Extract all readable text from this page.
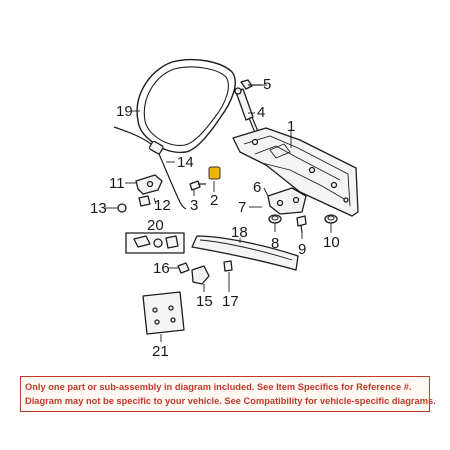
19
5
4
1
14
2
11	6
12
13	3	7
20	18
8 9 10
16
15 17
21

Only one part or sub-assembly in diagram included. See Item Specifics for Reference #.

Diagram may not be specific to your vehicle. See Compatibility for vehicle-specific diagrams.
